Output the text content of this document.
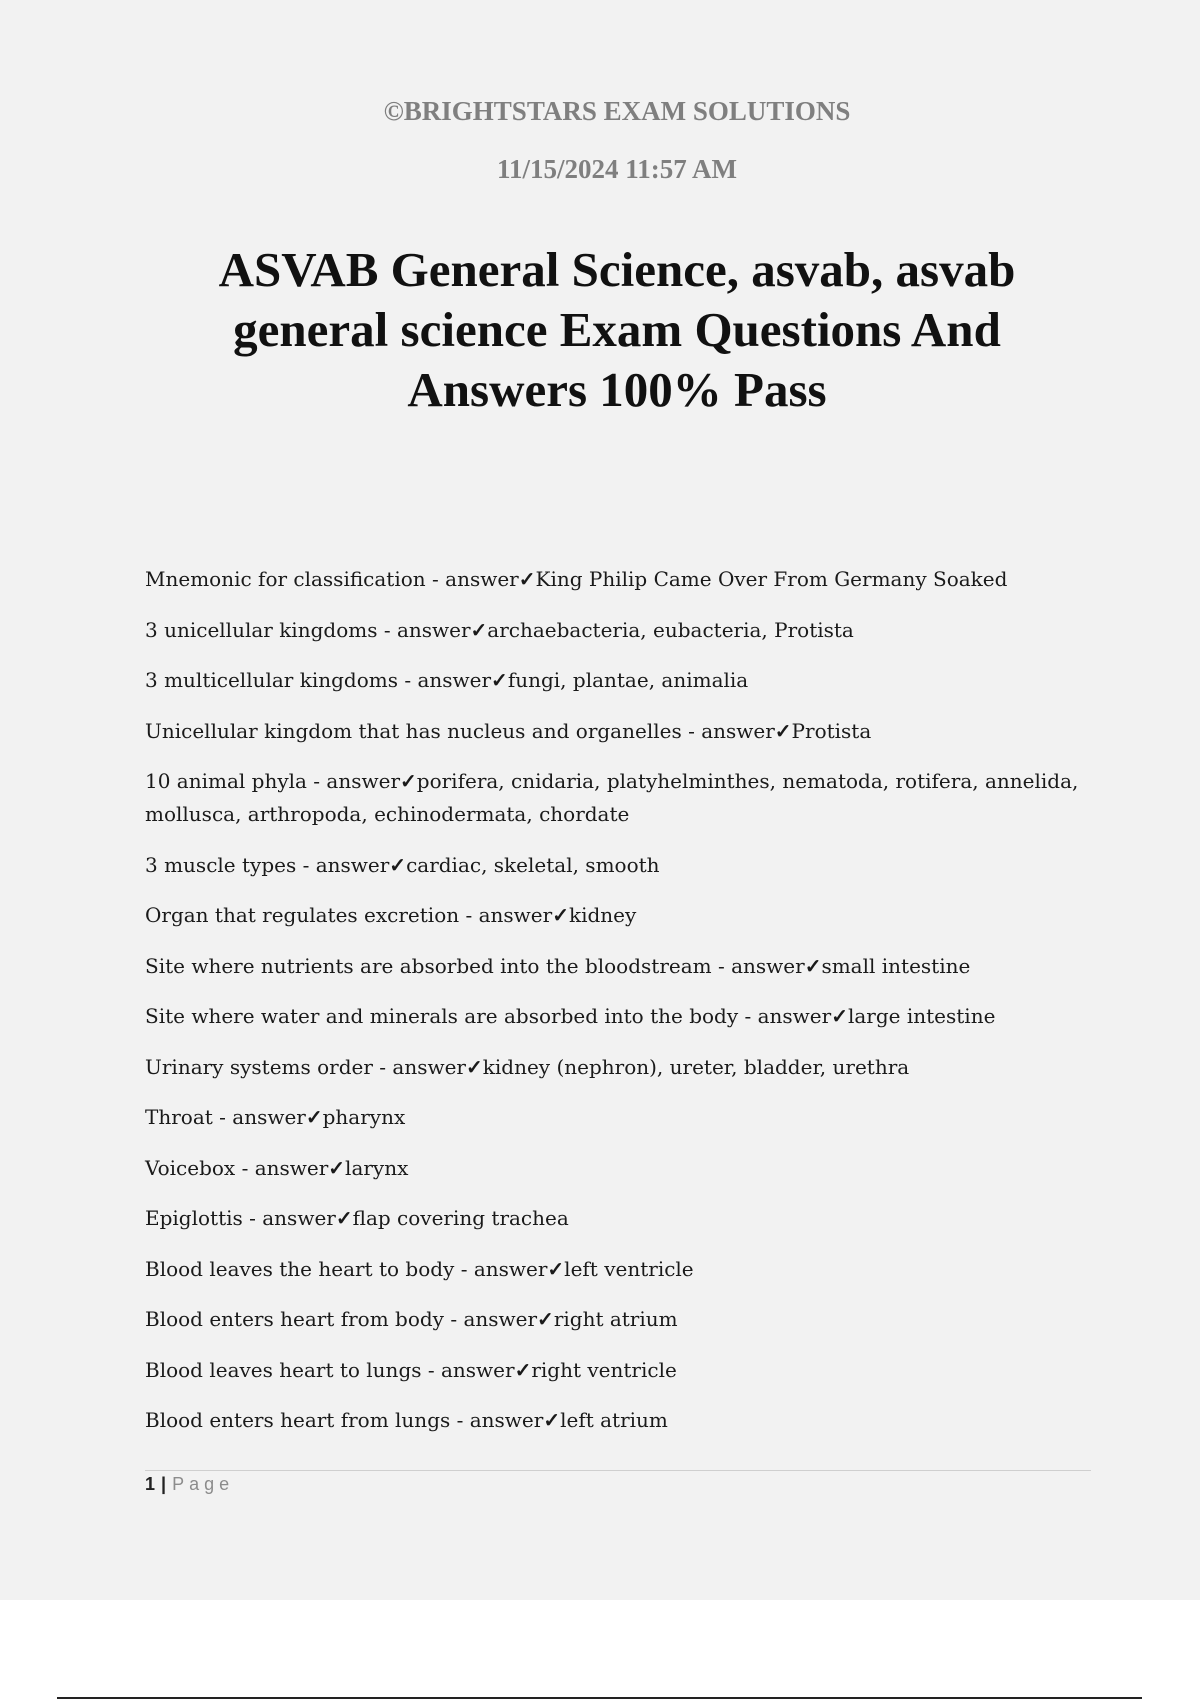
©BRIGHTSTARS EXAM SOLUTIONS
11/15/2024 11:57 AM
ASVAB General Science, asvab, asvab general science Exam Questions And Answers 100% Pass
Mnemonic for classification - answer✓King Philip Came Over From Germany Soaked
3 unicellular kingdoms - answer✓archaebacteria, eubacteria, Protista
3 multicellular kingdoms - answer✓fungi, plantae, animalia
Unicellular kingdom that has nucleus and organelles - answer✓Protista
10 animal phyla - answer✓porifera, cnidaria, platyhelminthes, nematoda, rotifera, annelida, mollusca, arthropoda, echinodermata, chordate
3 muscle types - answer✓cardiac, skeletal, smooth
Organ that regulates excretion - answer✓kidney
Site where nutrients are absorbed into the bloodstream - answer✓small intestine
Site where water and minerals are absorbed into the body - answer✓large intestine
Urinary systems order - answer✓kidney (nephron), ureter, bladder, urethra
Throat - answer✓pharynx
Voicebox - answer✓larynx
Epiglottis - answer✓flap covering trachea
Blood leaves the heart to body - answer✓left ventricle
Blood enters heart from body - answer✓right atrium
Blood leaves heart to lungs - answer✓right ventricle
Blood enters heart from lungs - answer✓left atrium
1 | Page
